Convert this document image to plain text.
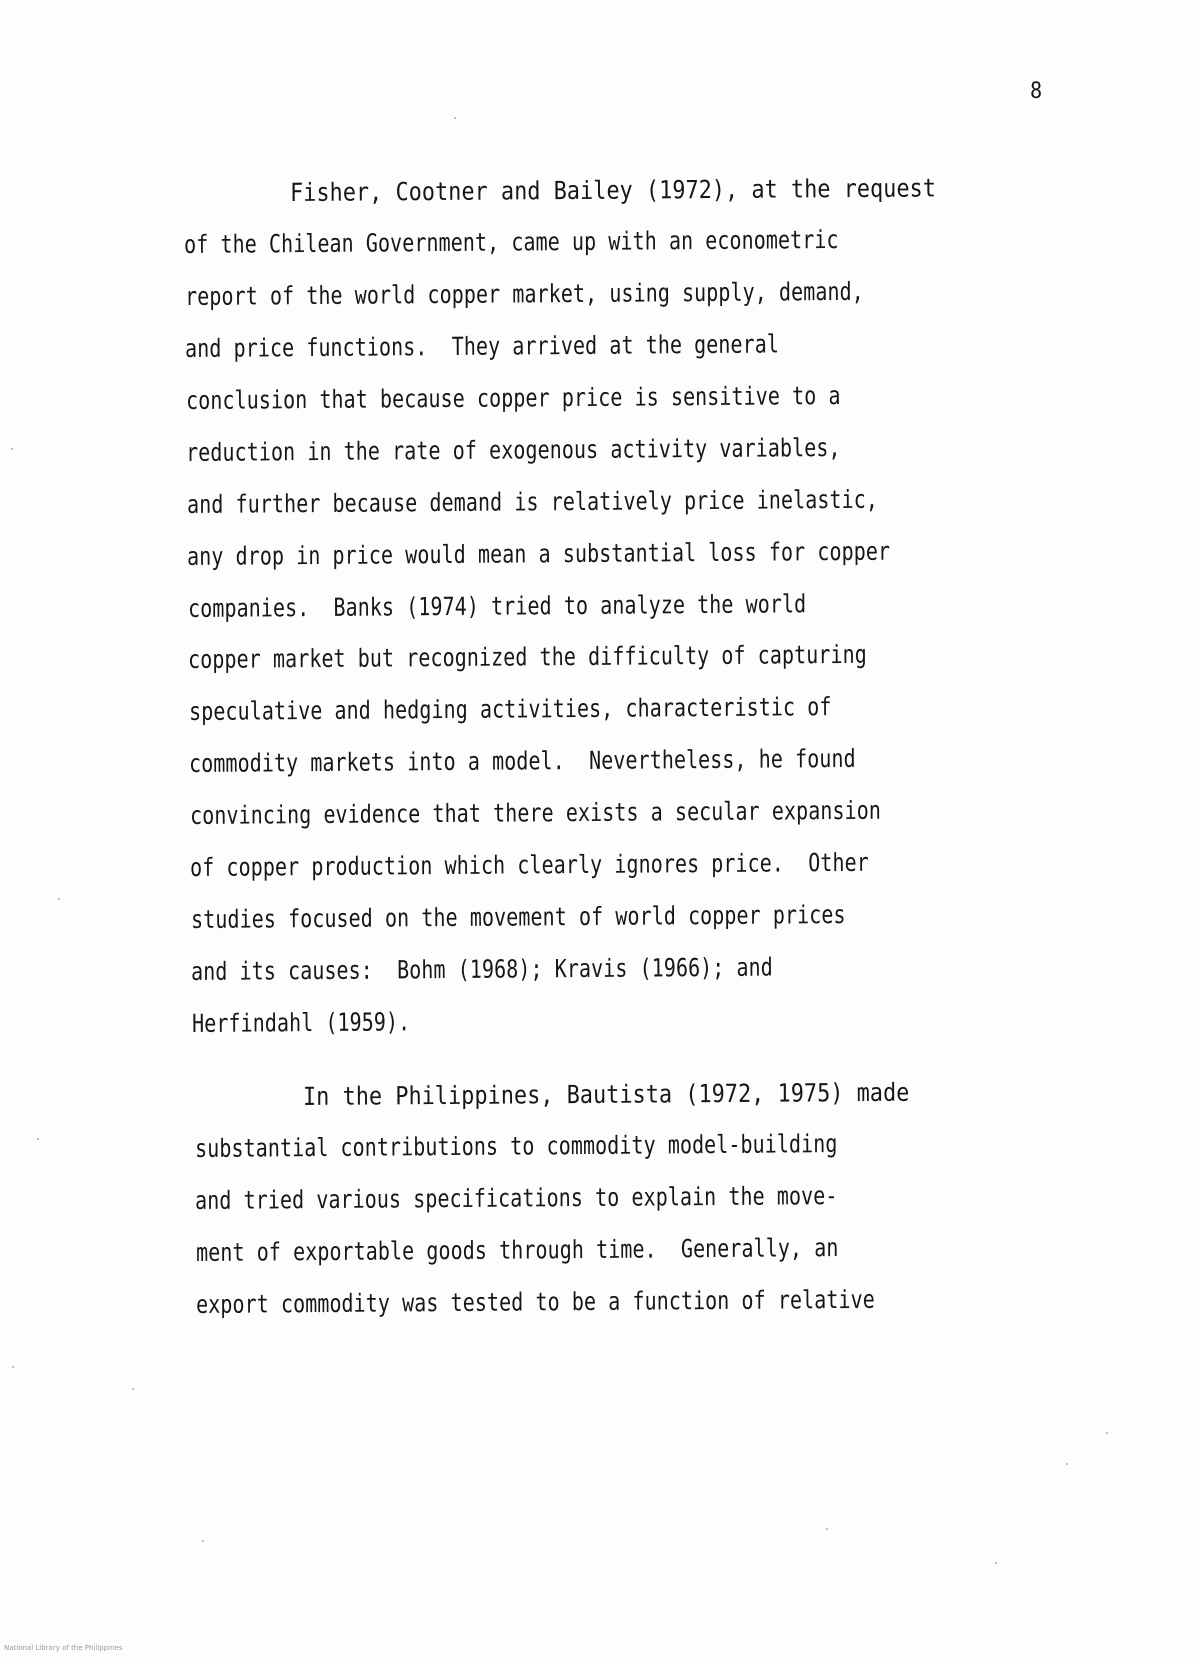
8
Fisher, Cootner and Bailey (1972), at the request
of the Chilean Government, came up with an econometric
report of the world copper market, using supply, demand,
and price functions.  They arrived at the general
conclusion that because copper price is sensitive to a
reduction in the rate of exogenous activity variables,
and further because demand is relatively price inelastic,
any drop in price would mean a substantial loss for copper
companies.  Banks (1974) tried to analyze the world
copper market but recognized the difficulty of capturing
speculative and hedging activities, characteristic of
commodity markets into a model.  Nevertheless, he found
convincing evidence that there exists a secular expansion
of copper production which clearly ignores price.  Other
studies focused on the movement of world copper prices
and its causes:  Bohm (1968); Kravis (1966); and
Herfindahl (1959).
In the Philippines, Bautista (1972, 1975) made
substantial contributions to commodity model-building
and tried various specifications to explain the move-
ment of exportable goods through time.  Generally, an
export commodity was tested to be a function of relative
National Library of the Philippines
